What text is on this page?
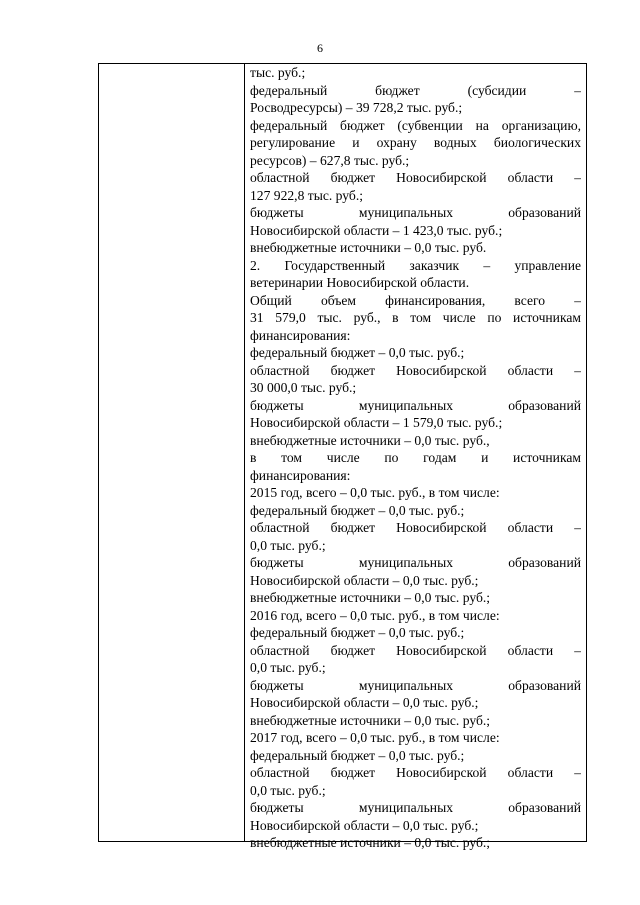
6
тыс. руб.;
федеральный бюджет (субсидии –
Росводресурсы) – 39 728,2 тыс. руб.;
федеральный бюджет (субвенции на организацию,
регулирование и охрану водных биологических
ресурсов) – 627,8 тыс. руб.;
областной бюджет Новосибирской области –
127 922,8 тыс. руб.;
бюджеты муниципальных образований
Новосибирской области – 1 423,0 тыс. руб.;
внебюджетные источники – 0,0 тыс. руб.
2. Государственный заказчик – управление
ветеринарии Новосибирской области.
Общий объем финансирования, всего –
31 579,0 тыс. руб., в том числе по источникам
финансирования:
федеральный бюджет – 0,0 тыс. руб.;
областной бюджет Новосибирской области –
30 000,0 тыс. руб.;
бюджеты муниципальных образований
Новосибирской области – 1 579,0 тыс. руб.;
внебюджетные источники – 0,0 тыс. руб.,
в том числе по годам и источникам
финансирования:
2015 год, всего – 0,0 тыс. руб., в том числе:
федеральный бюджет – 0,0 тыс. руб.;
областной бюджет Новосибирской области –
0,0 тыс. руб.;
бюджеты муниципальных образований
Новосибирской области – 0,0 тыс. руб.;
внебюджетные источники – 0,0 тыс. руб.;
2016 год, всего – 0,0 тыс. руб., в том числе:
федеральный бюджет – 0,0 тыс. руб.;
областной бюджет Новосибирской области –
0,0 тыс. руб.;
бюджеты муниципальных образований
Новосибирской области – 0,0 тыс. руб.;
внебюджетные источники – 0,0 тыс. руб.;
2017 год, всего – 0,0 тыс. руб., в том числе:
федеральный бюджет – 0,0 тыс. руб.;
областной бюджет Новосибирской области –
0,0 тыс. руб.;
бюджеты муниципальных образований
Новосибирской области – 0,0 тыс. руб.;
внебюджетные источники – 0,0 тыс. руб.;
